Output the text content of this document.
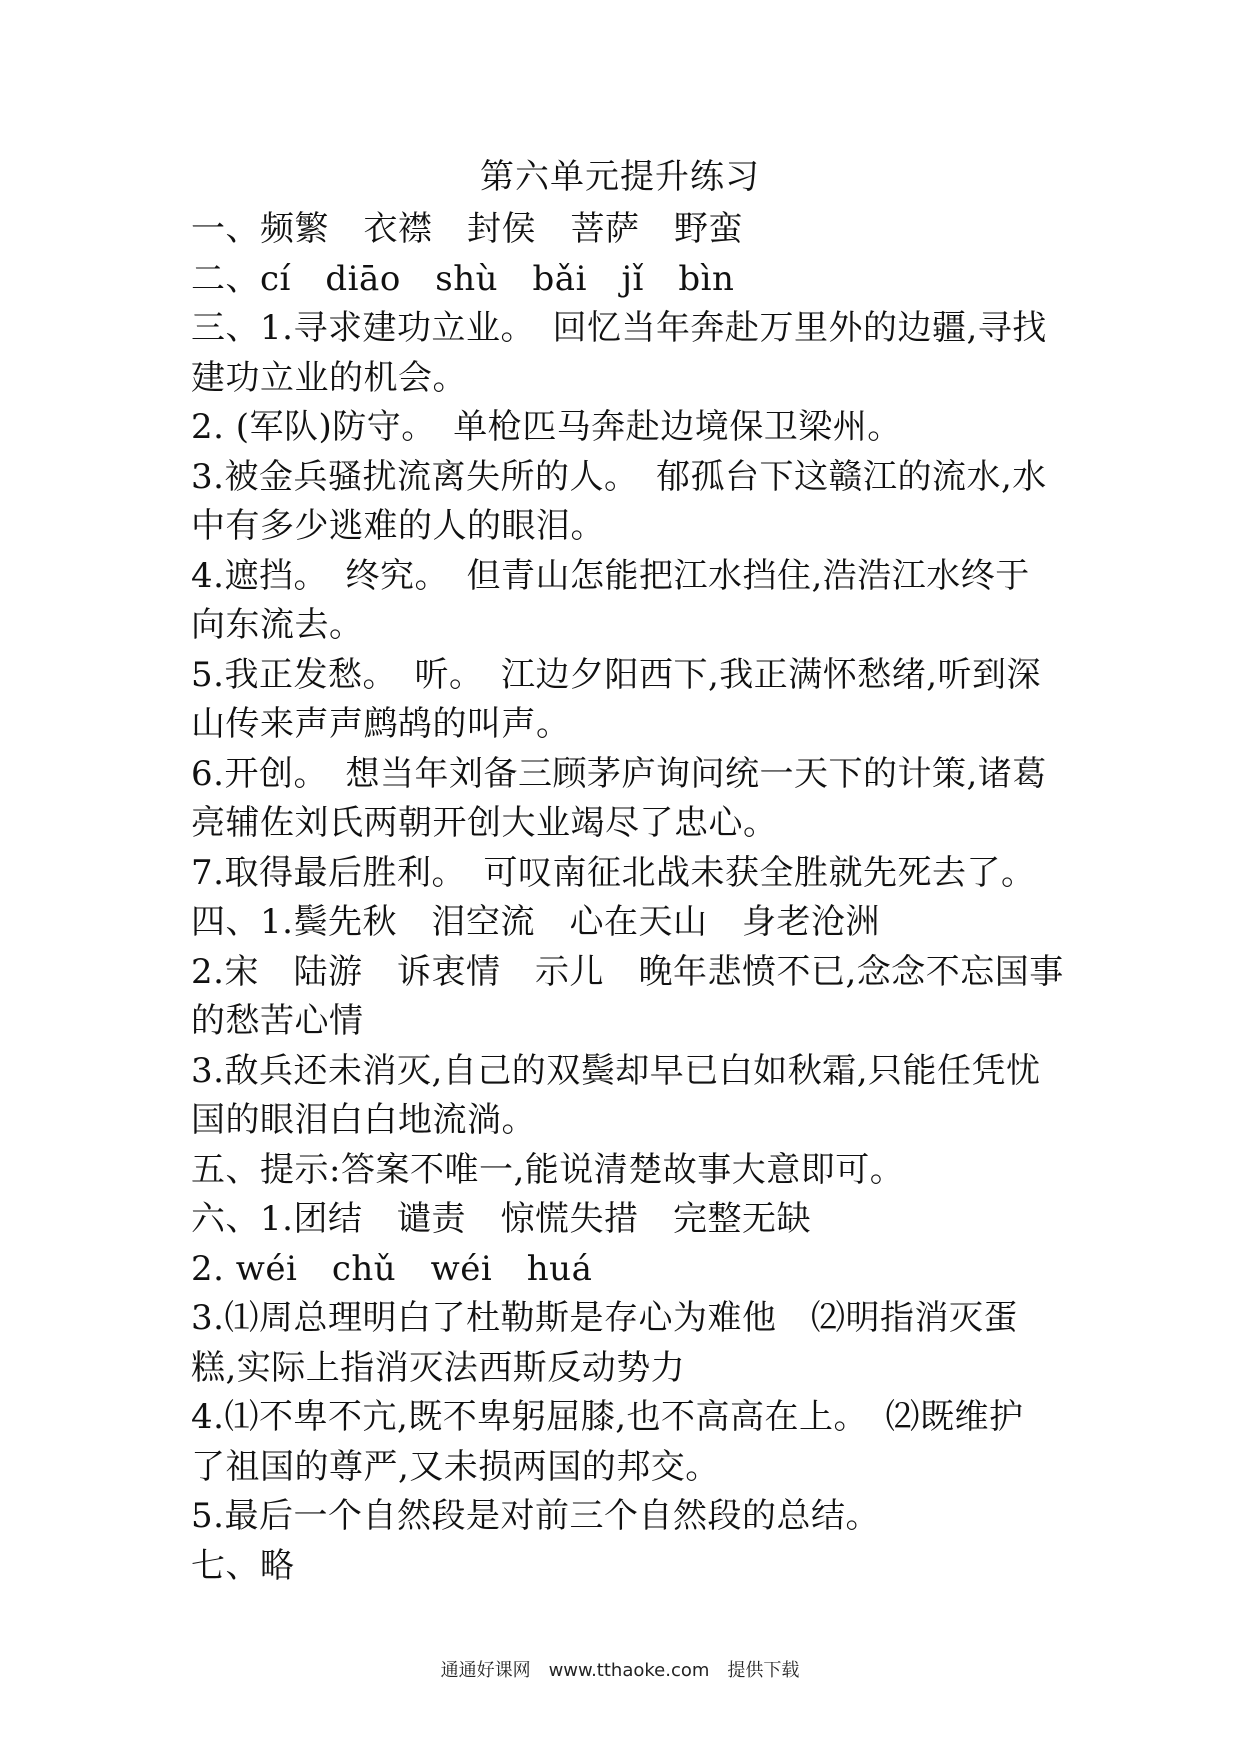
第六单元提升练习
一、频繁　衣襟　封侯　菩萨　野蛮
二、cí　diāo　shù　bǎi　jǐ　bìn
三、1.寻求建功立业。　回忆当年奔赴万里外的边疆,寻找
建功立业的机会。
2. (军队)防守。　单枪匹马奔赴边境保卫梁州。
3.被金兵骚扰流离失所的人。　郁孤台下这赣江的流水,水
中有多少逃难的人的眼泪。
4.遮挡。　终究。　但青山怎能把江水挡住,浩浩江水终于
向东流去。
5.我正发愁。　听。　江边夕阳西下,我正满怀愁绪,听到深
山传来声声鹧鸪的叫声。
6.开创。　想当年刘备三顾茅庐询问统一天下的计策,诸葛
亮辅佐刘氏两朝开创大业竭尽了忠心。
7.取得最后胜利。　可叹南征北战未获全胜就先死去了。
四、1.鬓先秋　泪空流　心在天山　身老沧洲
2.宋　陆游　诉衷情　示儿　晚年悲愤不已,念念不忘国事
的愁苦心情
3.敌兵还未消灭,自己的双鬓却早已白如秋霜,只能任凭忧
国的眼泪白白地流淌。
五、提示:答案不唯一,能说清楚故事大意即可。
六、1.团结　谴责　惊慌失措　完整无缺
2. wéi　chǔ　wéi　huá
3.⑴周总理明白了杜勒斯是存心为难他　⑵明指消灭蛋
糕,实际上指消灭法西斯反动势力
4.⑴不卑不亢,既不卑躬屈膝,也不高高在上。　⑵既维护
了祖国的尊严,又未损两国的邦交。
5.最后一个自然段是对前三个自然段的总结。
七、略
通通好课网　www.tthaoke.com　提供下载
